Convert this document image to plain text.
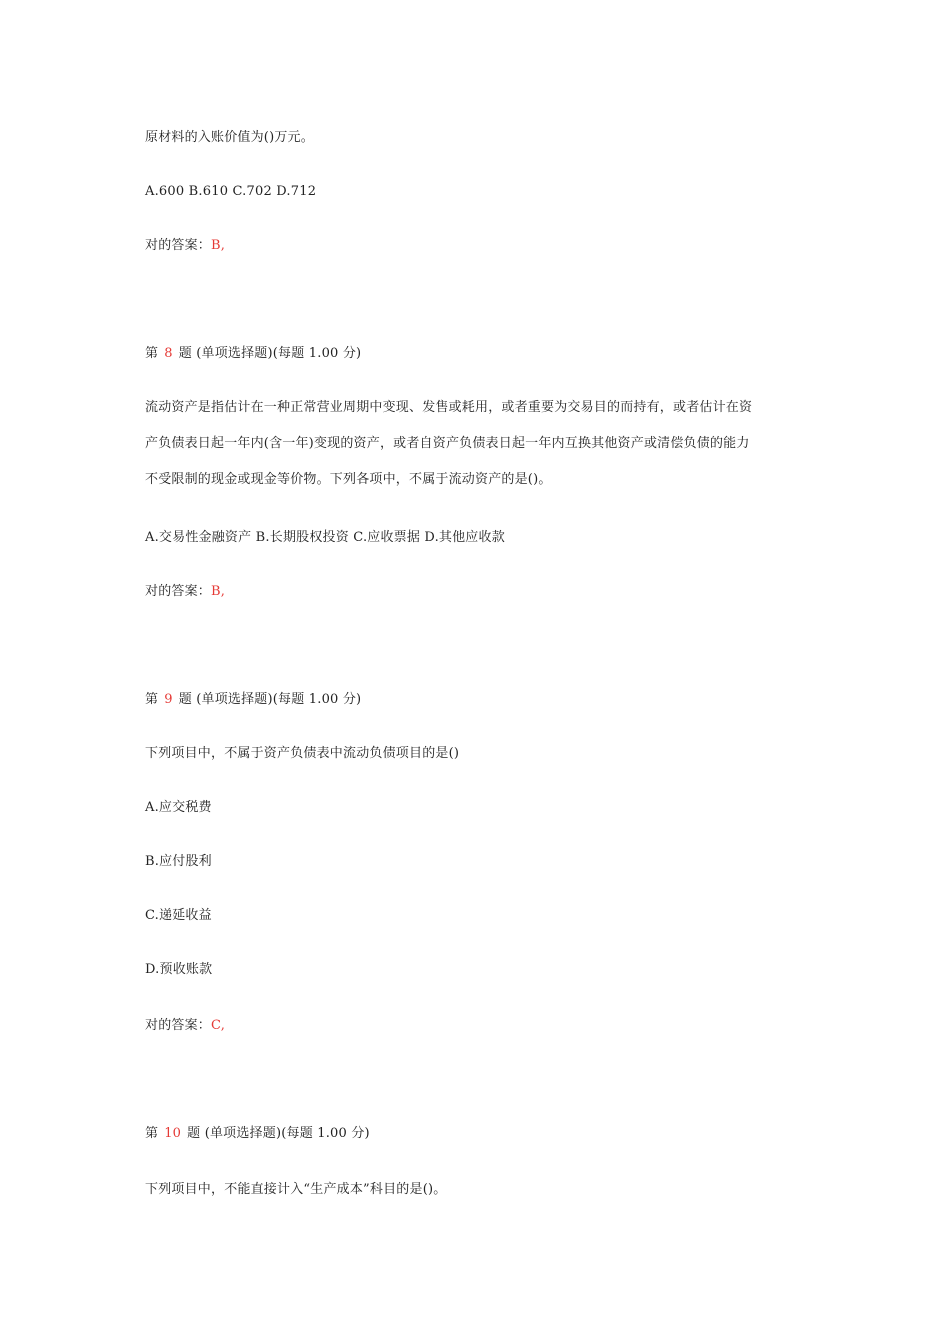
原材料的入账价值为()万元。
A.600 B.610 C.702 D.712
对的答案：B,
第 8 题 (单项选择题)(每题 1.00 分)
流动资产是指估计在一种正常营业周期中变现、发售或耗用，或者重要为交易目的而持有，或者估计在资
产负债表日起一年内(含一年)变现的资产，或者自资产负债表日起一年内互换其他资产或清偿负债的能力
不受限制的现金或现金等价物。下列各项中，不属于流动资产的是()。
A.交易性金融资产 B.长期股权投资 C.应收票据 D.其他应收款
对的答案：B,
第 9 题 (单项选择题)(每题 1.00 分)
下列项目中，不属于资产负债表中流动负债项目的是()
A.应交税费
B.应付股利
C.递延收益
D.预收账款
对的答案：C,
第 10 题 (单项选择题)(每题 1.00 分)
下列项目中，不能直接计入“生产成本”科目的是()。
